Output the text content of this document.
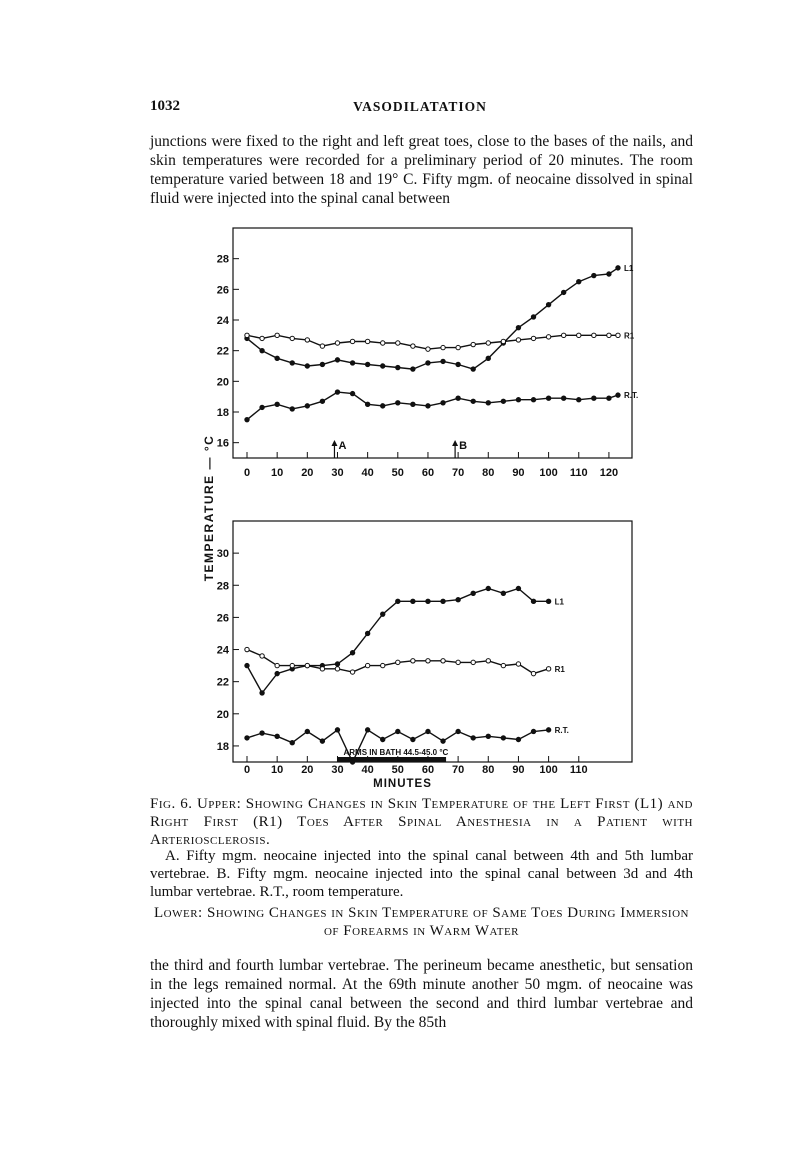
1032	VASODILATATION

junctions were fixed to the right and left great toes, close to the bases of the nails, and skin temperatures were recorded for a preliminary period of 20 minutes. The room temperature varied between 18 and 19° C. Fifty mgm. of neocaine dissolved in spinal fluid were injected into the spinal canal between

TEMPERATURE — °C 16
18
20
22
24
26
28
0 10 20 30 40 50 60 70 80 90 100 110 120
A	B
L1
R1
R.T.
18
20
22
24
26
28
30
0 10 20 30 40 50 60 70 80 90 100 110
MINUTES
ARMS IN BATH 44.5-45.0 °C
L1
R1
R.T.

Fig. 6. Upper: Showing Changes in Skin Temperature of the Left First (L1) and Right First (R1) Toes After Spinal Anesthesia in a Patient with Arteriosclerosis.

A. Fifty mgm. neocaine injected into the spinal canal between 4th and 5th lumbar vertebrae. B. Fifty mgm. neocaine injected into the spinal canal between 3d and 4th lumbar vertebrae. R.T., room temperature.

Lower: Showing Changes in Skin Temperature of Same Toes During Immersion of Forearms in Warm Water

the third and fourth lumbar vertebrae. The perineum became anesthetic, but sensation in the legs remained normal. At the 69th minute another 50 mgm. of neocaine was injected into the spinal canal between the second and third lumbar vertebrae and thoroughly mixed with spinal fluid. By the 85th
